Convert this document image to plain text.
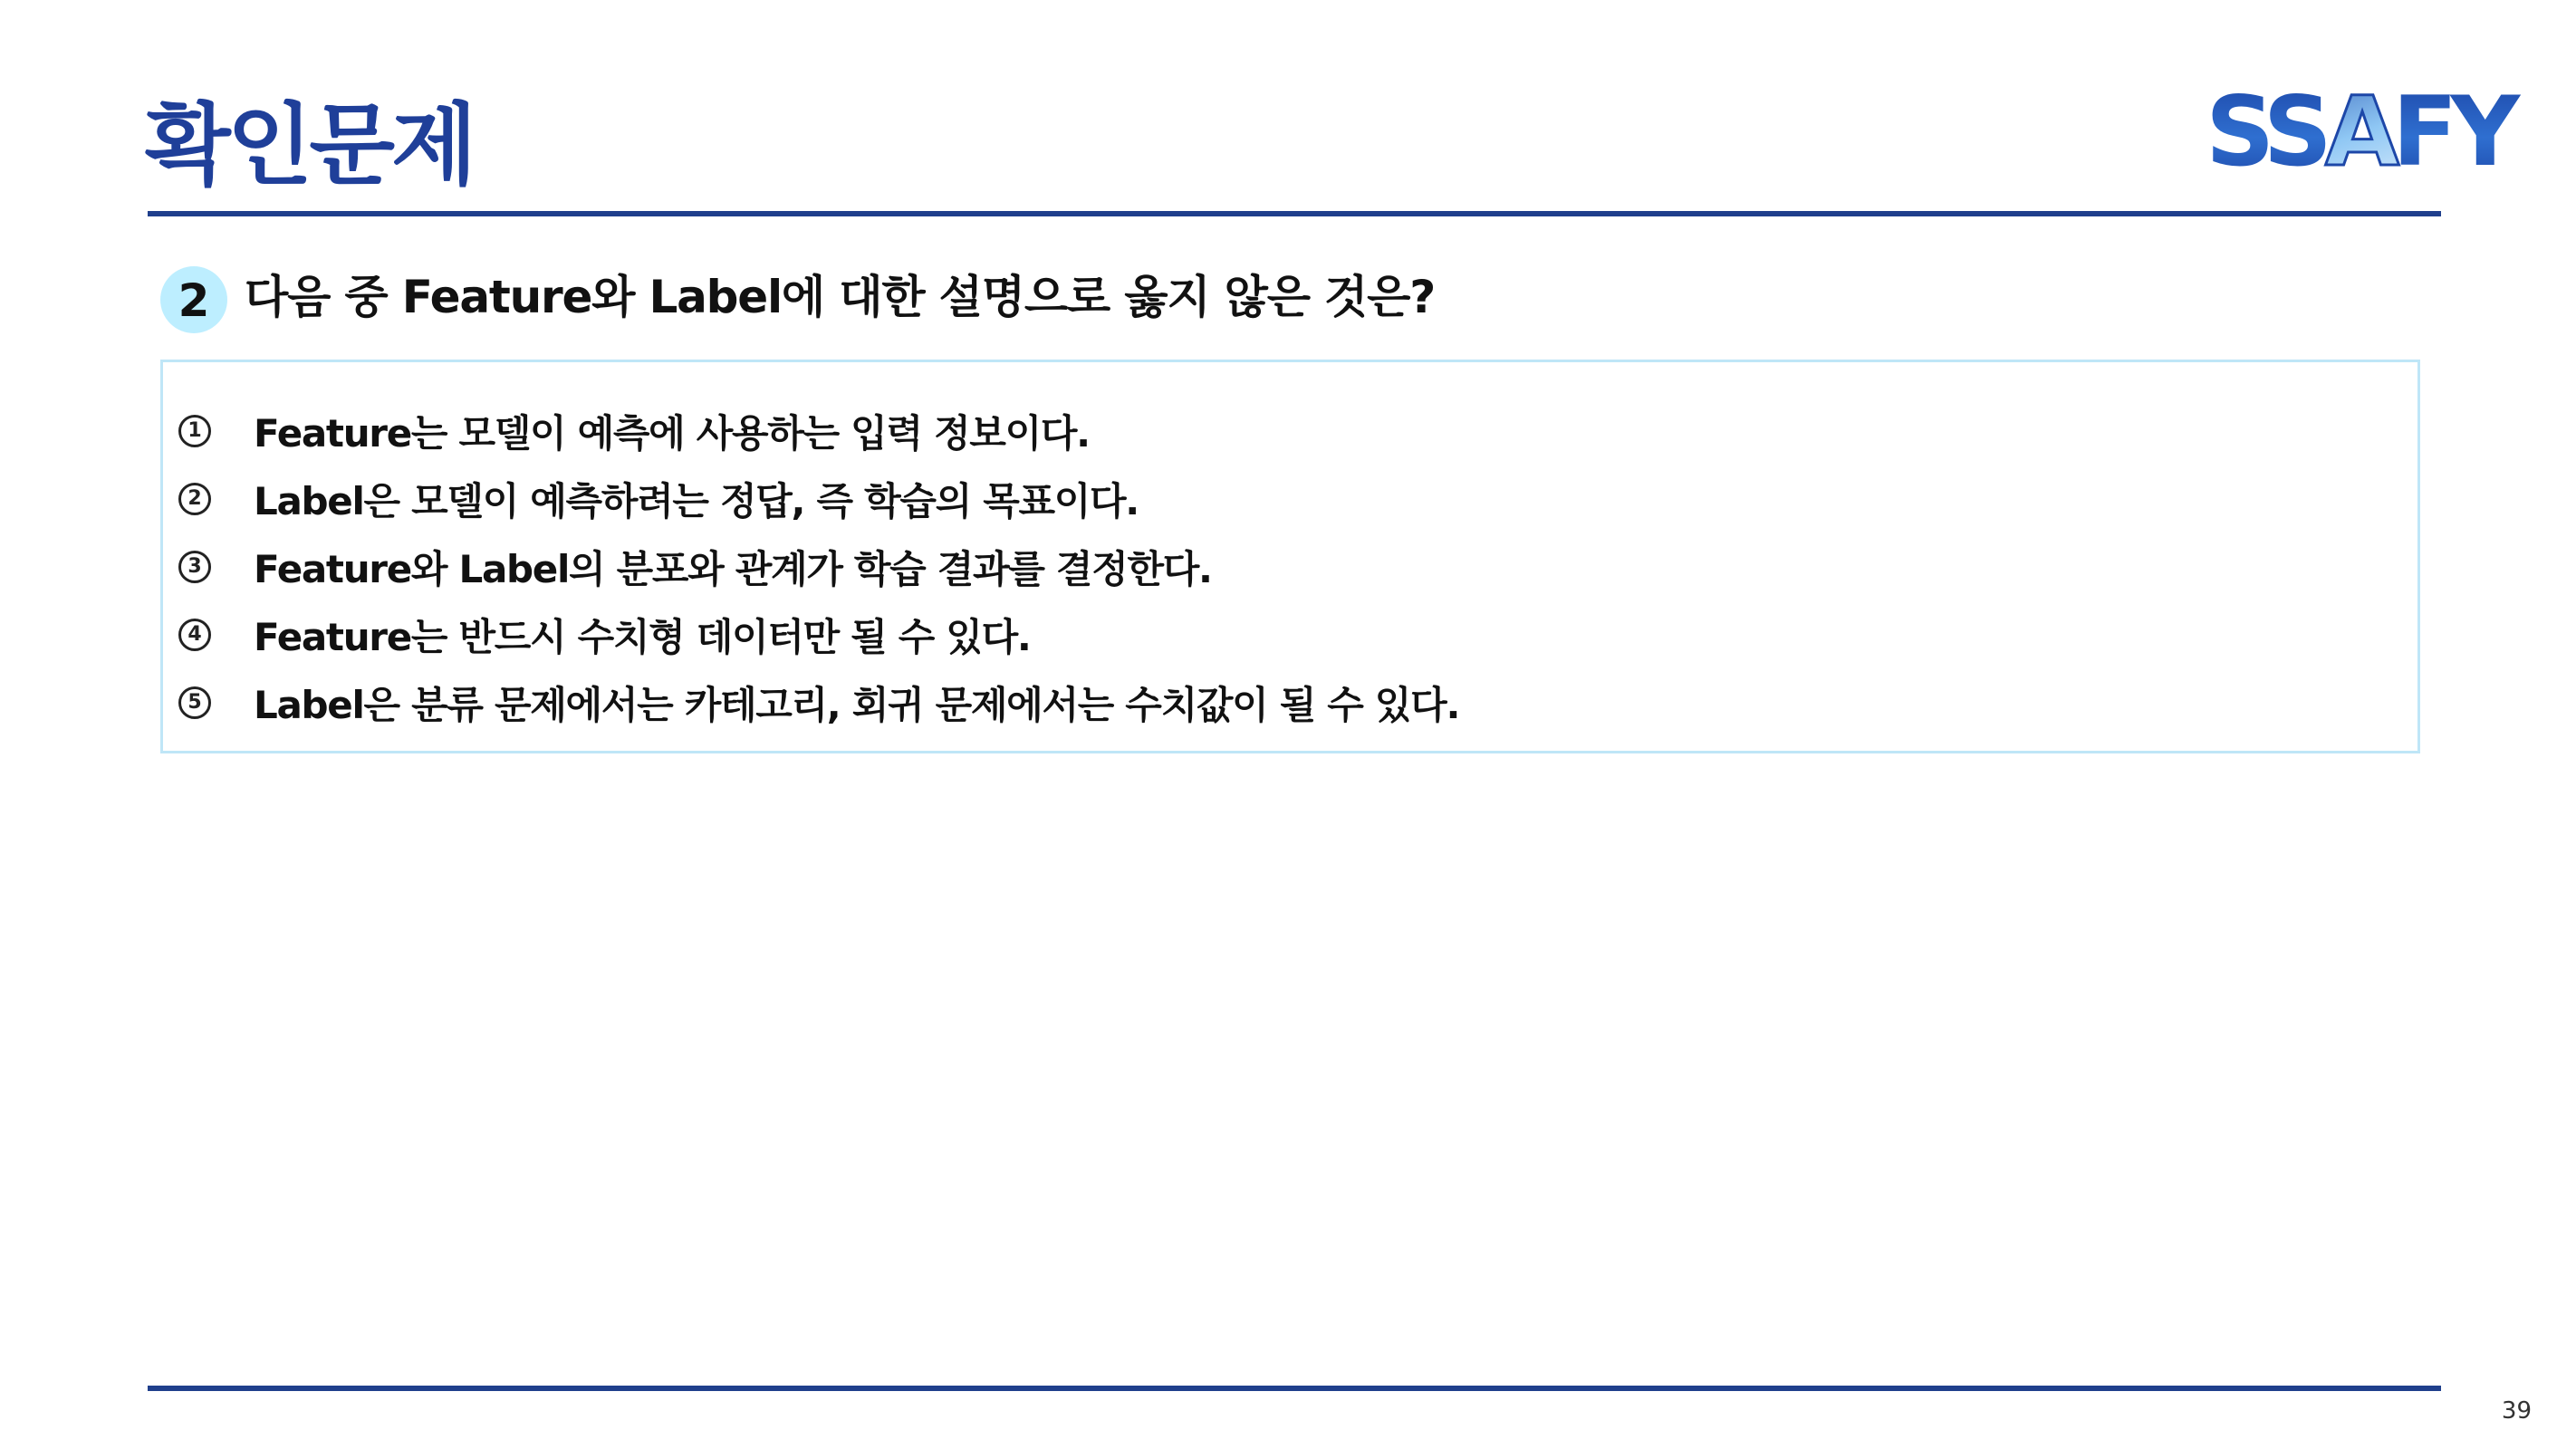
확인문제	SSAFY
2 다음 중 Feature와 Label에 대한 설명으로 옳지 않은 것은?
1 Feature는 모델이 예측에 사용하는 입력 정보이다.
2 Label은 모델이 예측하려는 정답, 즉 학습의 목표이다.
3 Feature와 Label의 분포와 관계가 학습 결과를 결정한다.
4 Feature는 반드시 수치형 데이터만 될 수 있다.
5 Label은 분류 문제에서는 카테고리, 회귀 문제에서는 수치값이 될 수 있다.
39
